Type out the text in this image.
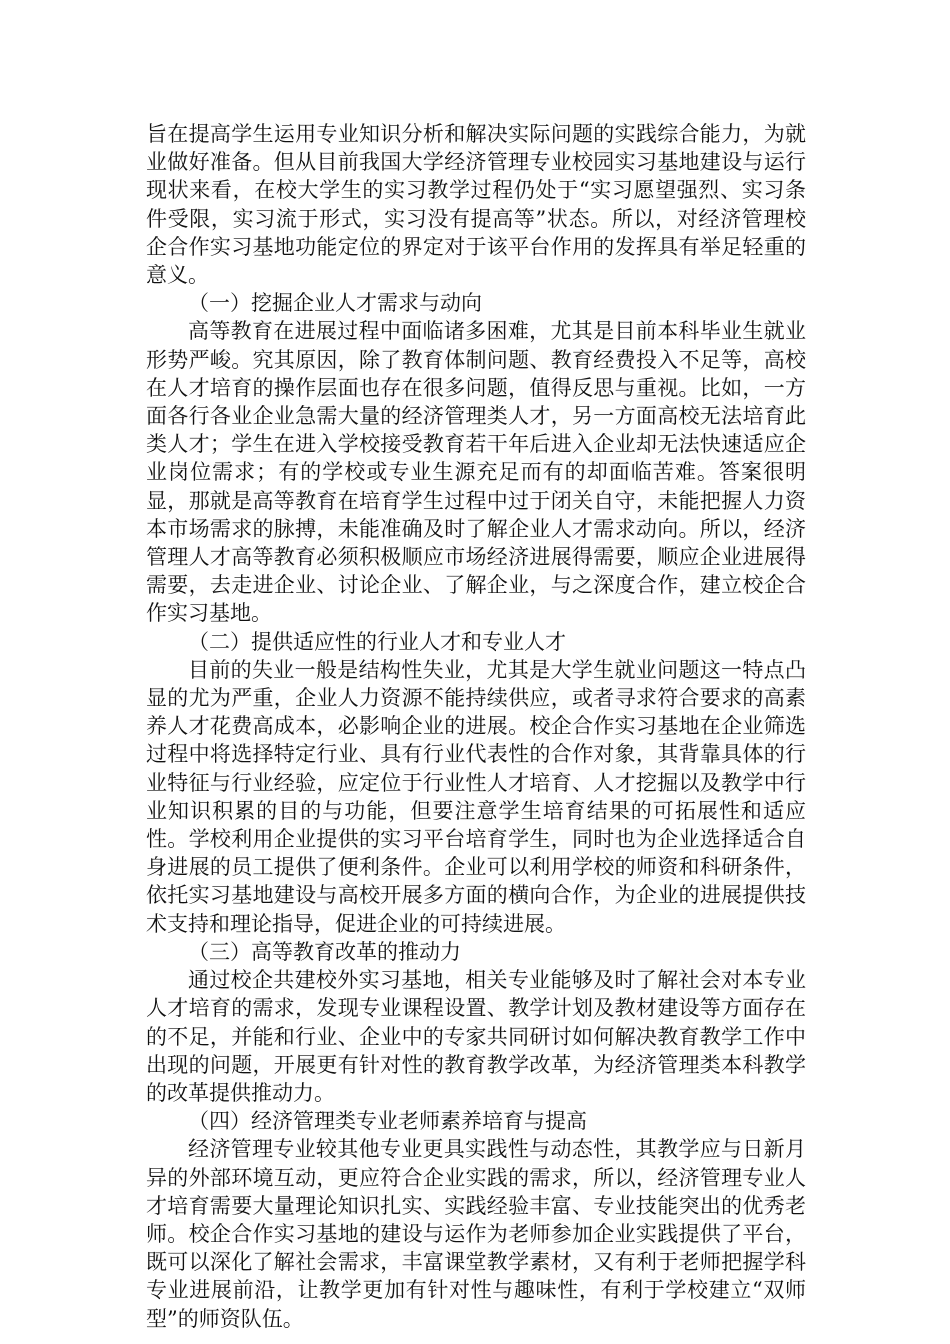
旨在提高学生运用专业知识分析和解决实际问题的实践综合能力，为就业做好准备。但从目前我国大学经济管理专业校园实习基地建设与运行现状来看，在校大学生的实习教学过程仍处于“实习愿望强烈、实习条件受限，实习流于形式，实习没有提高等”状态。所以，对经济管理校企合作实习基地功能定位的界定对于该平台作用的发挥具有举足轻重的意义。

（一）挖掘企业人才需求与动向

高等教育在进展过程中面临诸多困难，尤其是目前本科毕业生就业形势严峻。究其原因，除了教育体制问题、教育经费投入不足等，高校在人才培育的操作层面也存在很多问题，值得反思与重视。比如，一方面各行各业企业急需大量的经济管理类人才，另一方面高校无法培育此类人才；学生在进入学校接受教育若干年后进入企业却无法快速适应企业岗位需求；有的学校或专业生源充足而有的却面临苦难。答案很明显，那就是高等教育在培育学生过程中过于闭关自守，未能把握人力资本市场需求的脉搏，未能准确及时了解企业人才需求动向。所以，经济管理人才高等教育必须积极顺应市场经济进展得需要，顺应企业进展得需要，去走进企业、讨论企业、了解企业，与之深度合作，建立校企合作实习基地。

（二）提供适应性的行业人才和专业人才

目前的失业一般是结构性失业，尤其是大学生就业问题这一特点凸显的尤为严重，企业人力资源不能持续供应，或者寻求符合要求的高素养人才花费高成本，必影响企业的进展。校企合作实习基地在企业筛选过程中将选择特定行业、具有行业代表性的合作对象，其背靠具体的行业特征与行业经验，应定位于行业性人才培育、人才挖掘以及教学中行业知识积累的目的与功能，但要注意学生培育结果的可拓展性和适应性。学校利用企业提供的实习平台培育学生，同时也为企业选择适合自身进展的员工提供了便利条件。企业可以利用学校的师资和科研条件，依托实习基地建设与高校开展多方面的横向合作，为企业的进展提供技术支持和理论指导，促进企业的可持续进展。

（三）高等教育改革的推动力

通过校企共建校外实习基地，相关专业能够及时了解社会对本专业人才培育的需求，发现专业课程设置、教学计划及教材建设等方面存在的不足，并能和行业、企业中的专家共同研讨如何解决教育教学工作中出现的问题，开展更有针对性的教育教学改革，为经济管理类本科教学的改革提供推动力。

（四）经济管理类专业老师素养培育与提高

经济管理专业较其他专业更具实践性与动态性，其教学应与日新月异的外部环境互动，更应符合企业实践的需求，所以，经济管理专业人才培育需要大量理论知识扎实、实践经验丰富、专业技能突出的优秀老师。校企合作实习基地的建设与运作为老师参加企业实践提供了平台，既可以深化了解社会需求，丰富课堂教学素材，又有利于老师把握学科专业进展前沿，让教学更加有针对性与趣味性，有利于学校建立“双师型”的师资队伍。
